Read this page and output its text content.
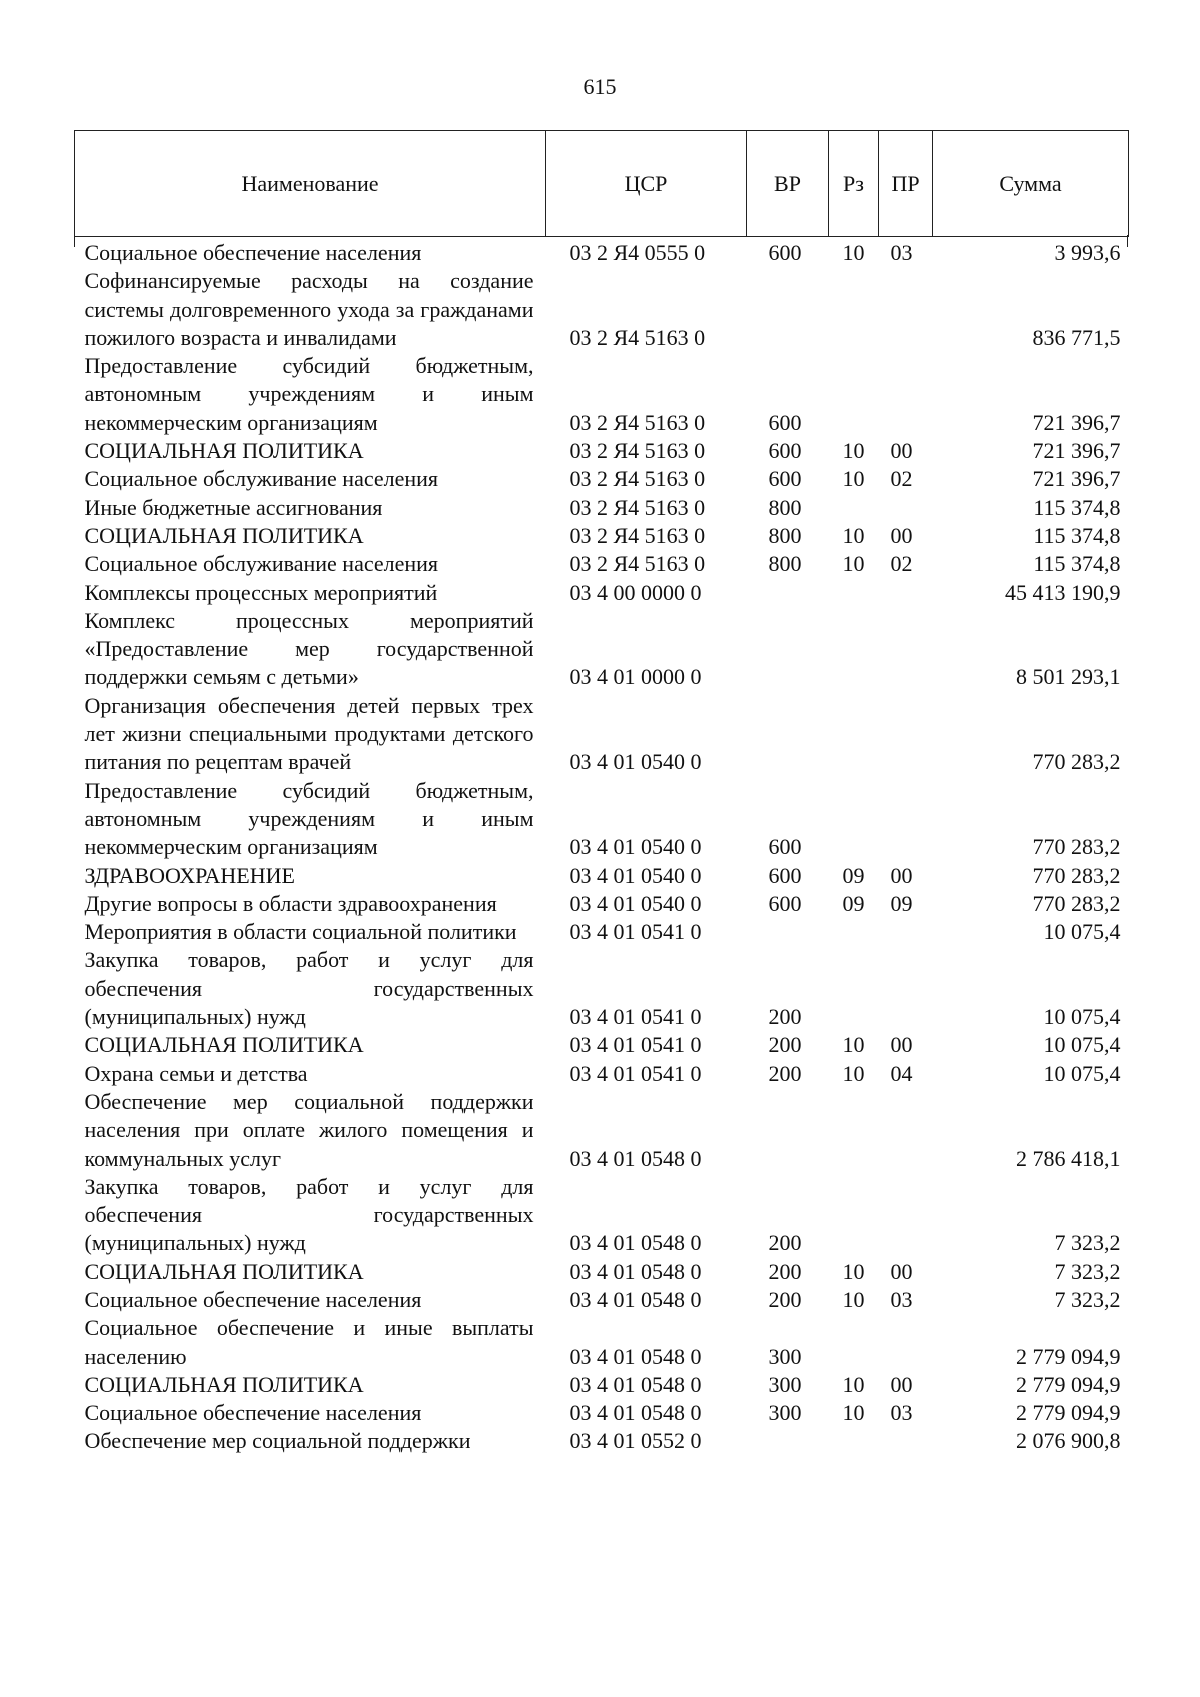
615
Наименование	ЦСР	ВР	Рз	ПР	Сумма
Социальное обеспечение населения	03 2 Я4 0555 0	600	10	03	3 993,6
Софинансируемые расходы на создание системы долговременного ухода за гражданами пожилого возраста и инвалидами	03 2 Я4 5163 0				836 771,5
Предоставление субсидий бюджетным, автономным учреждениям и иным некоммерческим организациям	03 2 Я4 5163 0	600			721 396,7
СОЦИАЛЬНАЯ ПОЛИТИКА	03 2 Я4 5163 0	600	10	00	721 396,7
Социальное обслуживание населения	03 2 Я4 5163 0	600	10	02	721 396,7
Иные бюджетные ассигнования	03 2 Я4 5163 0	800			115 374,8
СОЦИАЛЬНАЯ ПОЛИТИКА	03 2 Я4 5163 0	800	10	00	115 374,8
Социальное обслуживание населения	03 2 Я4 5163 0	800	10	02	115 374,8
Комплексы процессных мероприятий	03 4 00 0000 0				45 413 190,9
Комплекс процессных мероприятий «Предоставление мер государственной поддержки семьям с детьми»	03 4 01 0000 0				8 501 293,1
Организация обеспечения детей первых трех лет жизни специальными продуктами детского питания по рецептам врачей	03 4 01 0540 0				770 283,2
Предоставление субсидий бюджетным, автономным учреждениям и иным некоммерческим организациям	03 4 01 0540 0	600			770 283,2
ЗДРАВООХРАНЕНИЕ	03 4 01 0540 0	600	09	00	770 283,2
Другие вопросы в области здравоохранения	03 4 01 0540 0	600	09	09	770 283,2
Мероприятия в области социальной политики	03 4 01 0541 0				10 075,4
Закупка товаров, работ и услуг для обеспечения государственных (муниципальных) нужд	03 4 01 0541 0	200			10 075,4
СОЦИАЛЬНАЯ ПОЛИТИКА	03 4 01 0541 0	200	10	00	10 075,4
Охрана семьи и детства	03 4 01 0541 0	200	10	04	10 075,4
Обеспечение мер социальной поддержки населения при оплате жилого помещения и коммунальных услуг	03 4 01 0548 0				2 786 418,1
Закупка товаров, работ и услуг для обеспечения государственных (муниципальных) нужд	03 4 01 0548 0	200			7 323,2
СОЦИАЛЬНАЯ ПОЛИТИКА	03 4 01 0548 0	200	10	00	7 323,2
Социальное обеспечение населения	03 4 01 0548 0	200	10	03	7 323,2
Социальное обеспечение и иные выплаты населению	03 4 01 0548 0	300			2 779 094,9
СОЦИАЛЬНАЯ ПОЛИТИКА	03 4 01 0548 0	300	10	00	2 779 094,9
Социальное обеспечение населения	03 4 01 0548 0	300	10	03	2 779 094,9
Обеспечение мер социальной поддержки	03 4 01 0552 0				2 076 900,8
